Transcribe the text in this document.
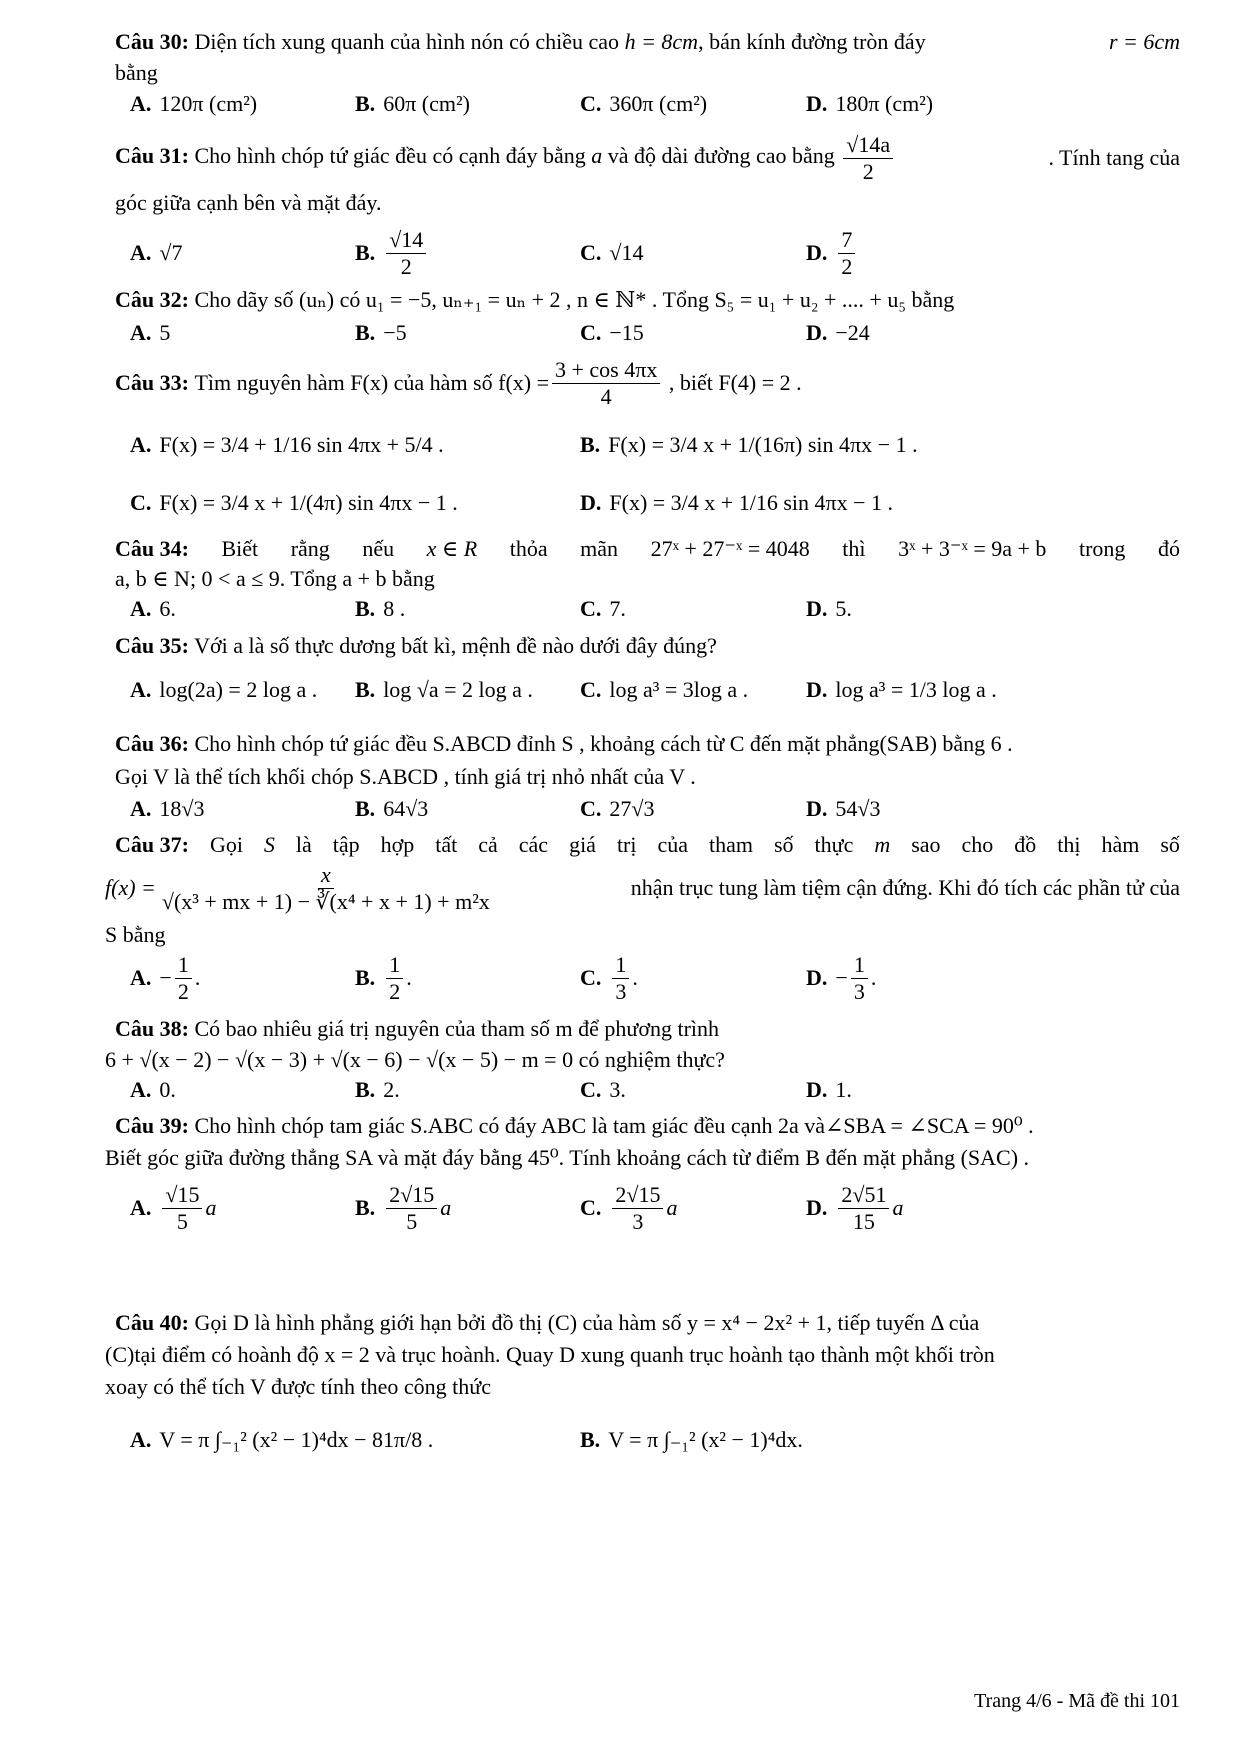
Câu 30: Diện tích xung quanh của hình nón có chiều cao h = 8cm, bán kính đường tròn đáy	r = 6cm
bằng
A. 120π (cm²)	B. 60π (cm²)	C. 360π (cm²)	D. 180π (cm²)
Câu 31: Cho hình chóp tứ giác đều có cạnh đáy bằng a và độ dài đường cao bằng $\frac{√14a}{2}$	. Tính tang của
góc giữa cạnh bên và mặt đáy.
A. √7	B. $\frac{√14}{2}$	C. √14	D. $\frac{7}{2}$
Câu 32: Cho dãy số (uₙ) có u₁ = −5, uₙ₊₁ = uₙ + 2 , n ∈ ℕ* . Tổng S₅ = u₁ + u₂ + .... + u₅ bằng
A. 5	B. −5	C. −15	D. −24
Câu 33:
Tìm nguyên hàm F(x) của hàm số $f(x) = \frac{3 + \cos 4\pi x}{4}$
, biết F(4) = 2 .
A. F(x) = 3/4 + 1/16 sin 4πx + 5/4 .	B. F(x) = 3/4 x + 1/(16π) sin 4πx − 1 .
C. F(x) = 3/4 x + 1/(4π) sin 4πx − 1 .	D. F(x) = 3/4 x + 1/16 sin 4πx − 1 .
Câu 34: Biết rằng nếu x ∈ R thỏa mãn 27ˣ + 27⁻ˣ = 4048 thì 3ˣ + 3⁻ˣ = 9a + b trong đó
a, b ∈ N; 0 < a ≤ 9. Tổng a + b bằng
A. 6.	B. 8 .	C. 7.	D. 5.
Câu 35: Với a là số thực dương bất kì, mệnh đề nào dưới đây đúng?
A. log(2a) = 2 log a . B. log √a = 2 log a . C. log a³ = 3log a .	D. log a³ = 1/3 log a .
Câu 36: Cho hình chóp tứ giác đều S.ABCD đỉnh S , khoảng cách từ C đến mặt phẳng(SAB) bằng 6 .
Gọi V là thể tích khối chóp S.ABCD , tính giá trị nhỏ nhất của V .
A. 18√3	B. 64√3	C. 27√3	D. 54√3
Câu 37: Gọi S là tập hợp tất cả các giá trị của tham số thực m sao cho đồ thị hàm số
$f(x) = \frac{x}{\text{√(x³ + mx + 1) − ∛(x⁴ + x + 1) + m²x}}$	nhận trục tung làm tiệm cận đứng. Khi đó tích các phần tử của
S bằng
A. − $\frac{1}{2}$ .	B. $\frac{1}{2}$ .	C. $\frac{1}{3}$ .	D. − $\frac{1}{3}$ .
Câu 38: Có bao nhiêu giá trị nguyên của tham số m để phương trình
6 + √(x − 2) − √(x − 3) + √(x − 6) − √(x − 5) − m = 0 có nghiệm thực?
A. 0.	B. 2.	C. 3.	D. 1.
Câu 39: Cho hình chóp tam giác S.ABC có đáy ABC là tam giác đều cạnh 2a và∠SBA = ∠SCA = 90⁰ .
Biết góc giữa đường thẳng SA và mặt đáy bằng 45⁰. Tính khoảng cách từ điểm B đến mặt phẳng (SAC) .
A. $\frac{√15}{5}$ a	B. $\frac{2√15}{5}$ a	C. $\frac{2√15}{3}$ a	D. $\frac{2√51}{15}$ a
Câu 40: Gọi D là hình phẳng giới hạn bởi đồ thị (C) của hàm số y = x⁴ − 2x² + 1, tiếp tuyến Δ của
(C)tại điểm có hoành độ x = 2 và trục hoành. Quay D xung quanh trục hoành tạo thành một khối tròn
xoay có thể tích V được tính theo công thức
A. V = π ∫₋₁² (x² − 1)⁴dx − 81π/8 .	B. V = π ∫₋₁² (x² − 1)⁴dx.
Trang 4/6 - Mã đề thi 101
